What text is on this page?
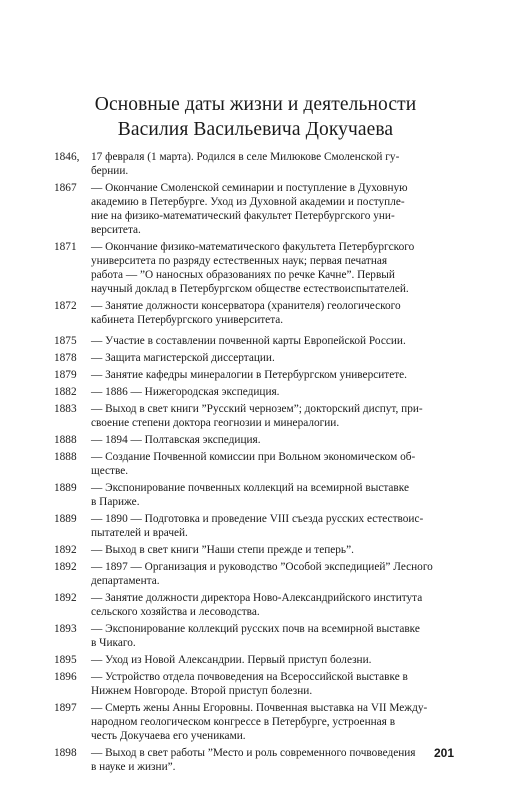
Основные даты жизни и деятельности
Василия Васильевича Докучаева
1846,	17 февраля (1 марта). Родился в селе Милюкове Смоленской гу-
бернии.
1867	— Окончание Смоленской семинарии и поступление в Духовную
академию в Петербурге. Уход из Духовной академии и поступле-
ние на физико-математический факультет Петербургского уни-
верситета.
1871	— Окончание физико-математического факультета Петербургского
университета по разряду естественных наук; первая печатная
работа — ”О наносных образованиях по речке Качне”. Первый
научный доклад в Петербургском обществе естествоиспытателей.
1872	— Занятие должности консерватора (хранителя) геологического
кабинета Петербургского университета.
1875	— Участие в составлении почвенной карты Европейской России.
1878	— Защита магистерской диссертации.
1879	— Занятие кафедры минералогии в Петербургском университете.
1882	— 1886 — Нижегородская экспедиция.
1883	— Выход в свет книги ”Русский чернозем”; докторский диспут, при-
своение степени доктора геогнозии и минералогии.
1888	— 1894 — Полтавская экспедиция.
1888	— Создание Почвенной комиссии при Вольном экономическом об-
ществе.
1889	— Экспонирование почвенных коллекций на всемирной выставке
в Париже.
1889	— 1890 — Подготовка и проведение VIII съезда русских естествоис-
пытателей и врачей.
1892	— Выход в свет книги ”Наши степи прежде и теперь”.
1892	— 1897 — Организация и руководство ”Особой экспедицией” Лесного
департамента.
1892	— Занятие должности директора Ново-Александрийского института
сельского хозяйства и лесоводства.
1893	— Экспонирование коллекций русских почв на всемирной выставке
в Чикаго.
1895	— Уход из Новой Александрии. Первый приступ болезни.
1896	— Устройство отдела почвоведения на Всероссийской выставке в
Нижнем Новгороде. Второй приступ болезни.
1897	— Смерть жены Анны Егоровны. Почвенная выставка на VII Между-
народном геологическом конгрессе в Петербурге, устроенная в
честь Докучаева его учениками.
1898	— Выход в свет работы ”Место и роль современного почвоведения
в науке и жизни”.
201
